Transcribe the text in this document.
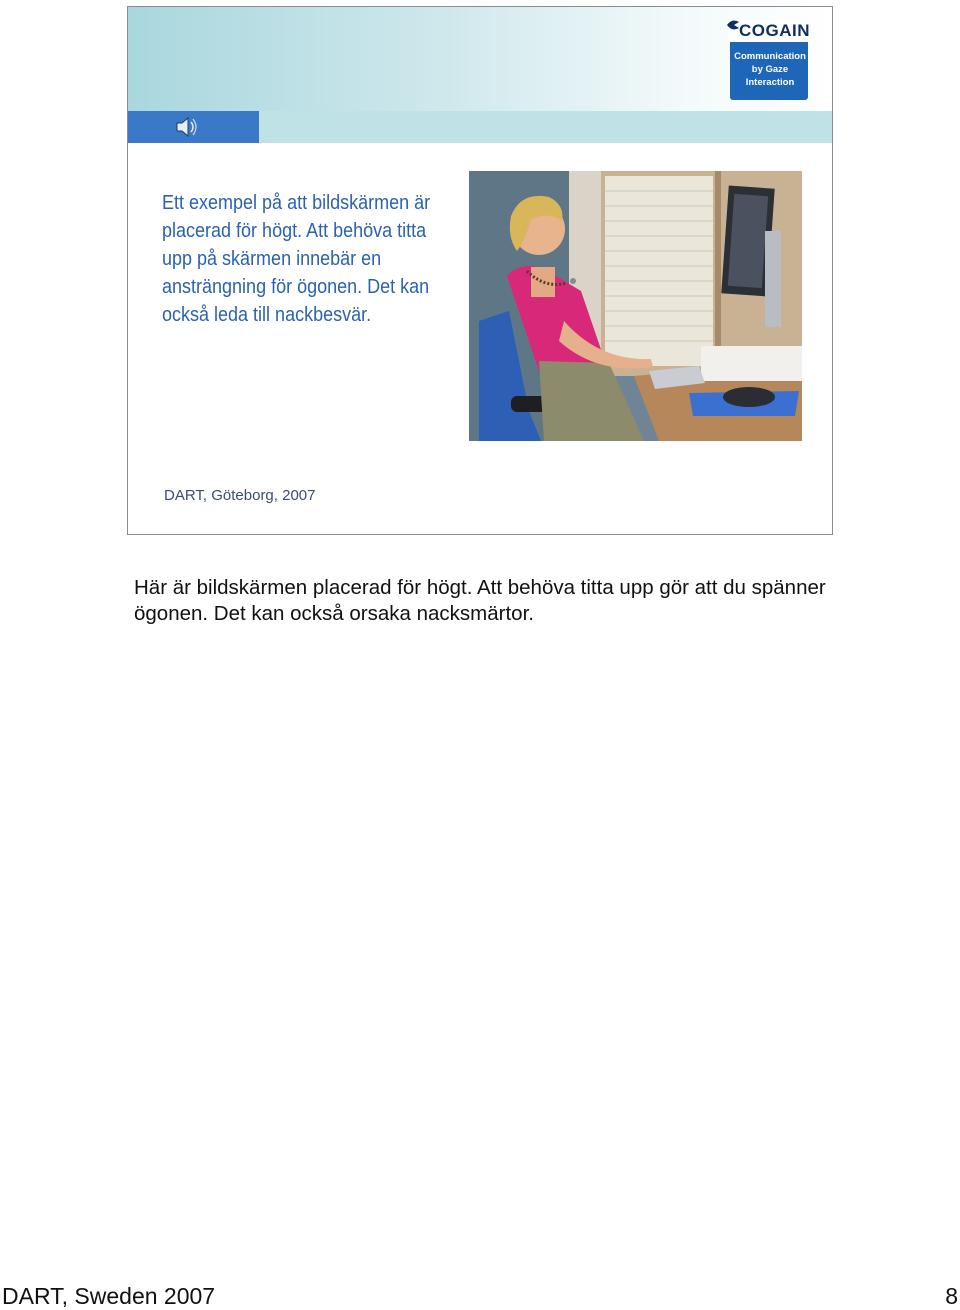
COGAIN
Communication by Gaze Interaction
Ett exempel på att bildskärmen är placerad för högt. Att behöva titta upp på skärmen innebär en ansträngning för ögonen. Det kan också leda till nackbesvär.
DART, Göteborg, 2007
Här är bildskärmen placerad för högt. Att behöva titta upp gör att du spänner ögonen. Det kan också orsaka nacksmärtor.
DART, Sweden 2007	8
